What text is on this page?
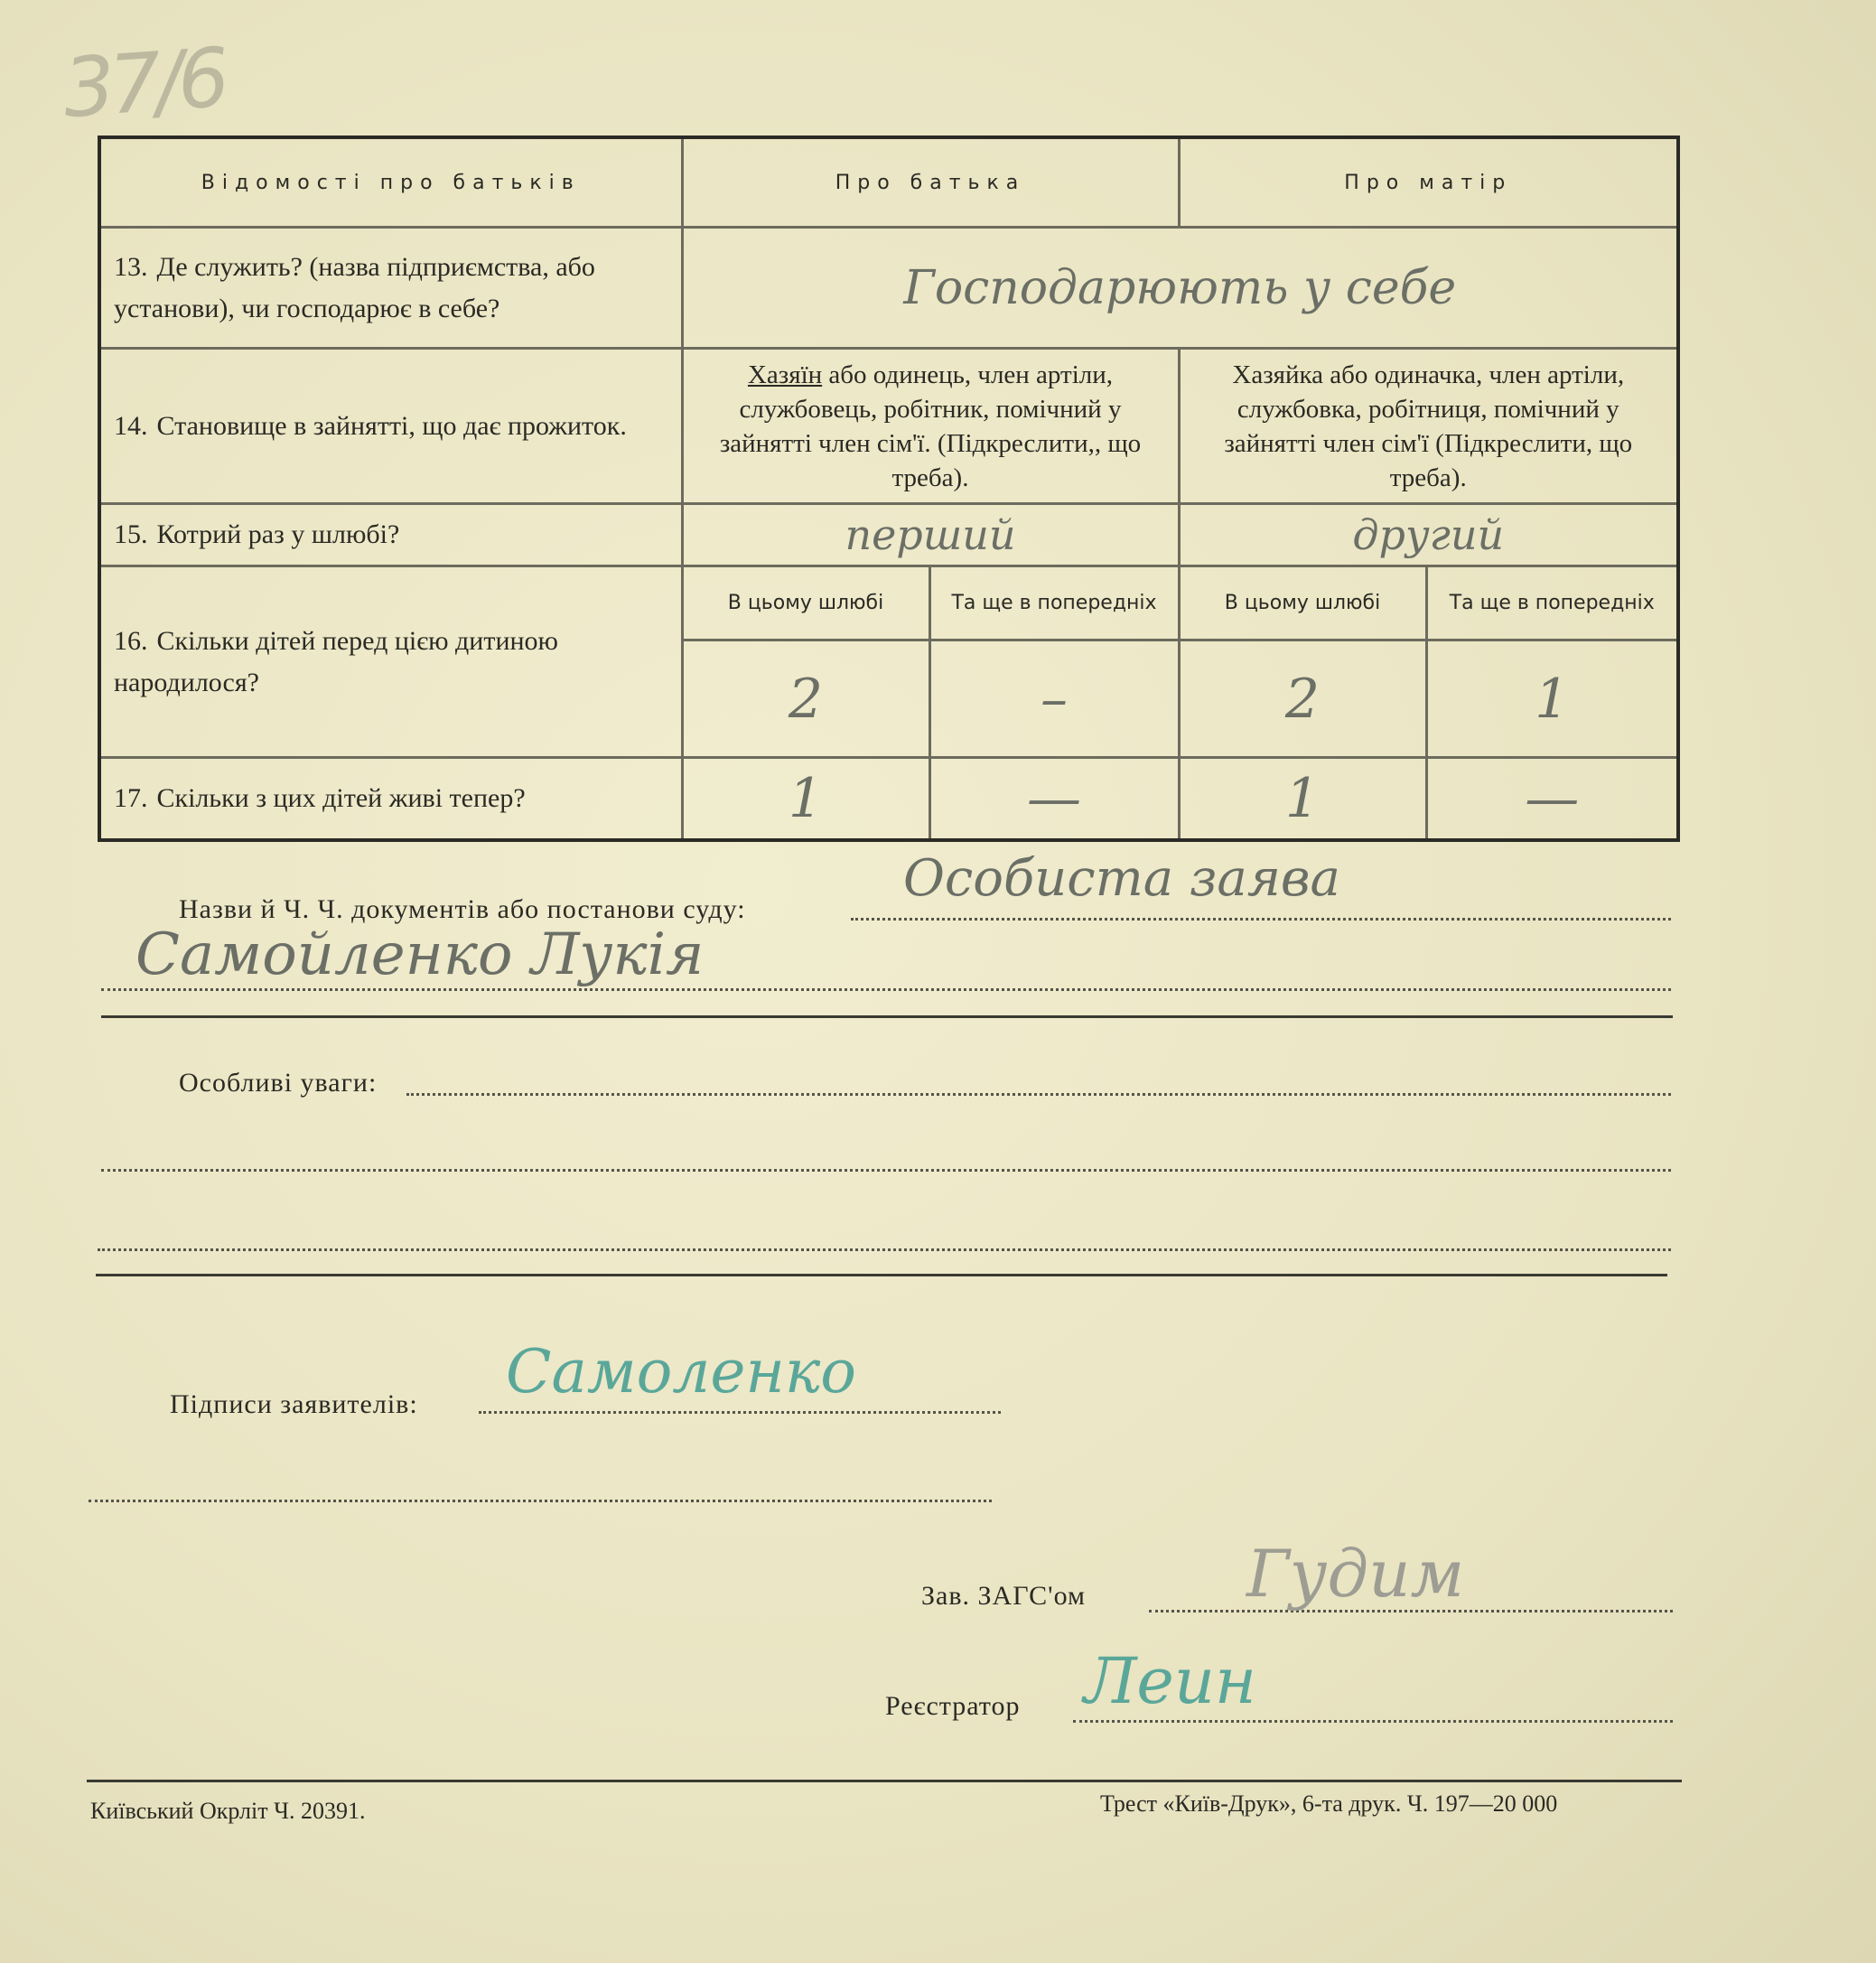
37/6
Відомості про батьків	Про батька		Про матір	
13. Де служить? (назва підприємства, або установи), чи господарює в себе?	Господарюють у себе			
14. Становище в зайнятті, що дає прожиток.	Хазяїн або одинець, член артіли, службовець, робітник, помічний у зайнятті член сім'ї. (Підкреслити,, що треба).		Хазяйка або одиначка, член артіли, службовка, робітниця, помічний у зайнятті член сім'ї (Підкреслити, що треба).	
15. Котрий раз у шлюбі?	перший		другий	
16. Скільки дітей перед цією дитиною народилося?	В цьому шлюбі	Та ще в попередніх	В цьому шлюбі	Та ще в попередніх
	2	–	2	1
17. Скільки з цих дітей живі тепер?	1	—	1	—
Назви й Ч. Ч. документів або постанови суду:
Особиста заява
Самойленко Лукія
Особливі уваги:
Підписи заявителів: Самоленко
Зав. ЗАГС'ом Гудим
Реєстратор Леин
Київський Окрліт Ч. 20391.	Трест «Київ-Друк», 6-та друк. Ч. 197—20 000
